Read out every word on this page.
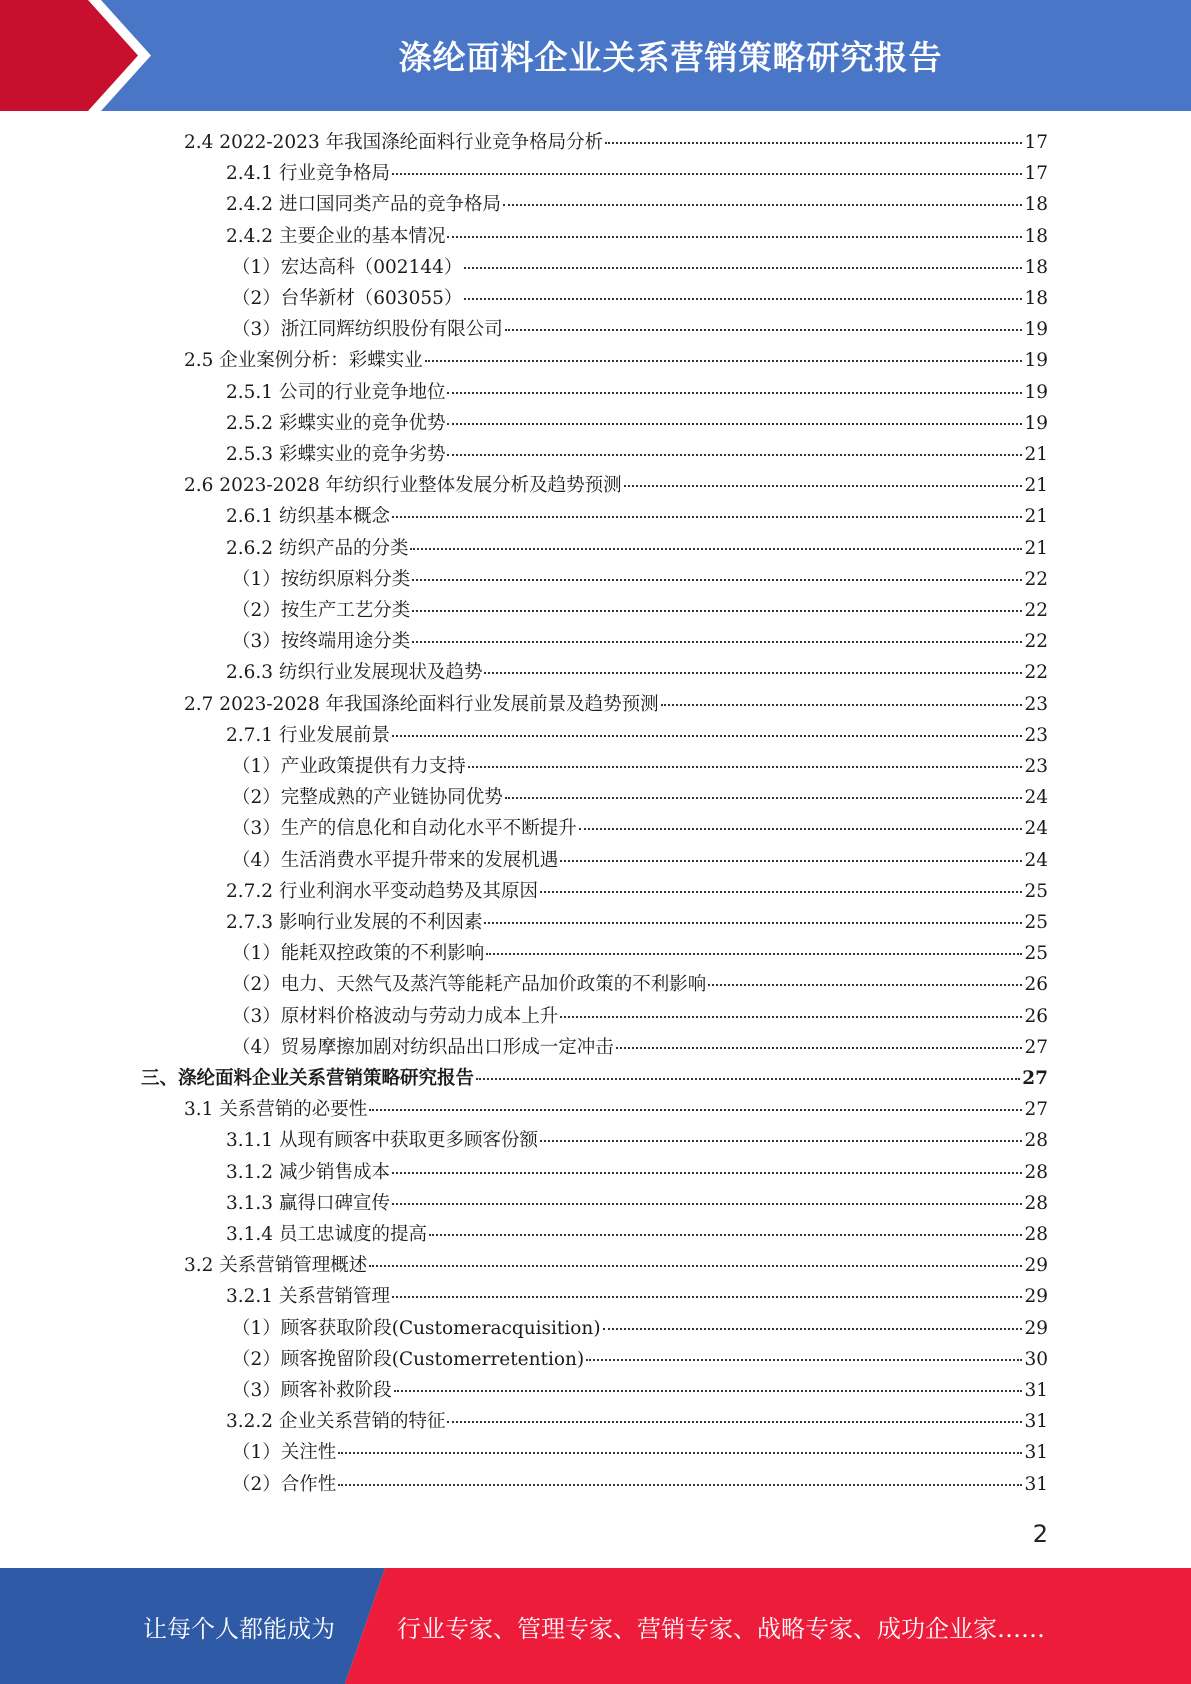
涤纶面料企业关系营销策略研究报告
2.4 2022-2023 年我国涤纶面料行业竞争格局分析	17
2.4.1 行业竞争格局	17
2.4.2 进口国同类产品的竞争格局	18
2.4.2 主要企业的基本情况	18
（1）宏达高科（002144）	18
（2）台华新材（603055）	18
（3）浙江同辉纺织股份有限公司	19
2.5 企业案例分析：彩蝶实业	19
2.5.1 公司的行业竞争地位	19
2.5.2 彩蝶实业的竞争优势	19
2.5.3 彩蝶实业的竞争劣势	21
2.6 2023-2028 年纺织行业整体发展分析及趋势预测	21
2.6.1 纺织基本概念	21
2.6.2 纺织产品的分类	21
（1）按纺织原料分类	22
（2）按生产工艺分类	22
（3）按终端用途分类	22
2.6.3 纺织行业发展现状及趋势	22
2.7 2023-2028 年我国涤纶面料行业发展前景及趋势预测	23
2.7.1 行业发展前景	23
（1）产业政策提供有力支持	23
（2）完整成熟的产业链协同优势	24
（3）生产的信息化和自动化水平不断提升	24
（4）生活消费水平提升带来的发展机遇	24
2.7.2 行业利润水平变动趋势及其原因	25
2.7.3 影响行业发展的不利因素	25
（1）能耗双控政策的不利影响	25
（2）电力、天然气及蒸汽等能耗产品加价政策的不利影响	26
（3）原材料价格波动与劳动力成本上升	26
（4）贸易摩擦加剧对纺织品出口形成一定冲击	27
三、涤纶面料企业关系营销策略研究报告	27
3.1 关系营销的必要性	27
3.1.1 从现有顾客中获取更多顾客份额	28
3.1.2 减少销售成本	28
3.1.3 赢得口碑宣传	28
3.1.4 员工忠诚度的提高	28
3.2 关系营销管理概述	29
3.2.1 关系营销管理	29
（1）顾客获取阶段(Customeracquisition)	29
（2）顾客挽留阶段(Customerretention)	30
（3）顾客补救阶段	31
3.2.2 企业关系营销的特征	31
（1）关注性	31
（2）合作性	31
2
让每个人都能成为	行业专家、管理专家、营销专家、战略专家、成功企业家……
